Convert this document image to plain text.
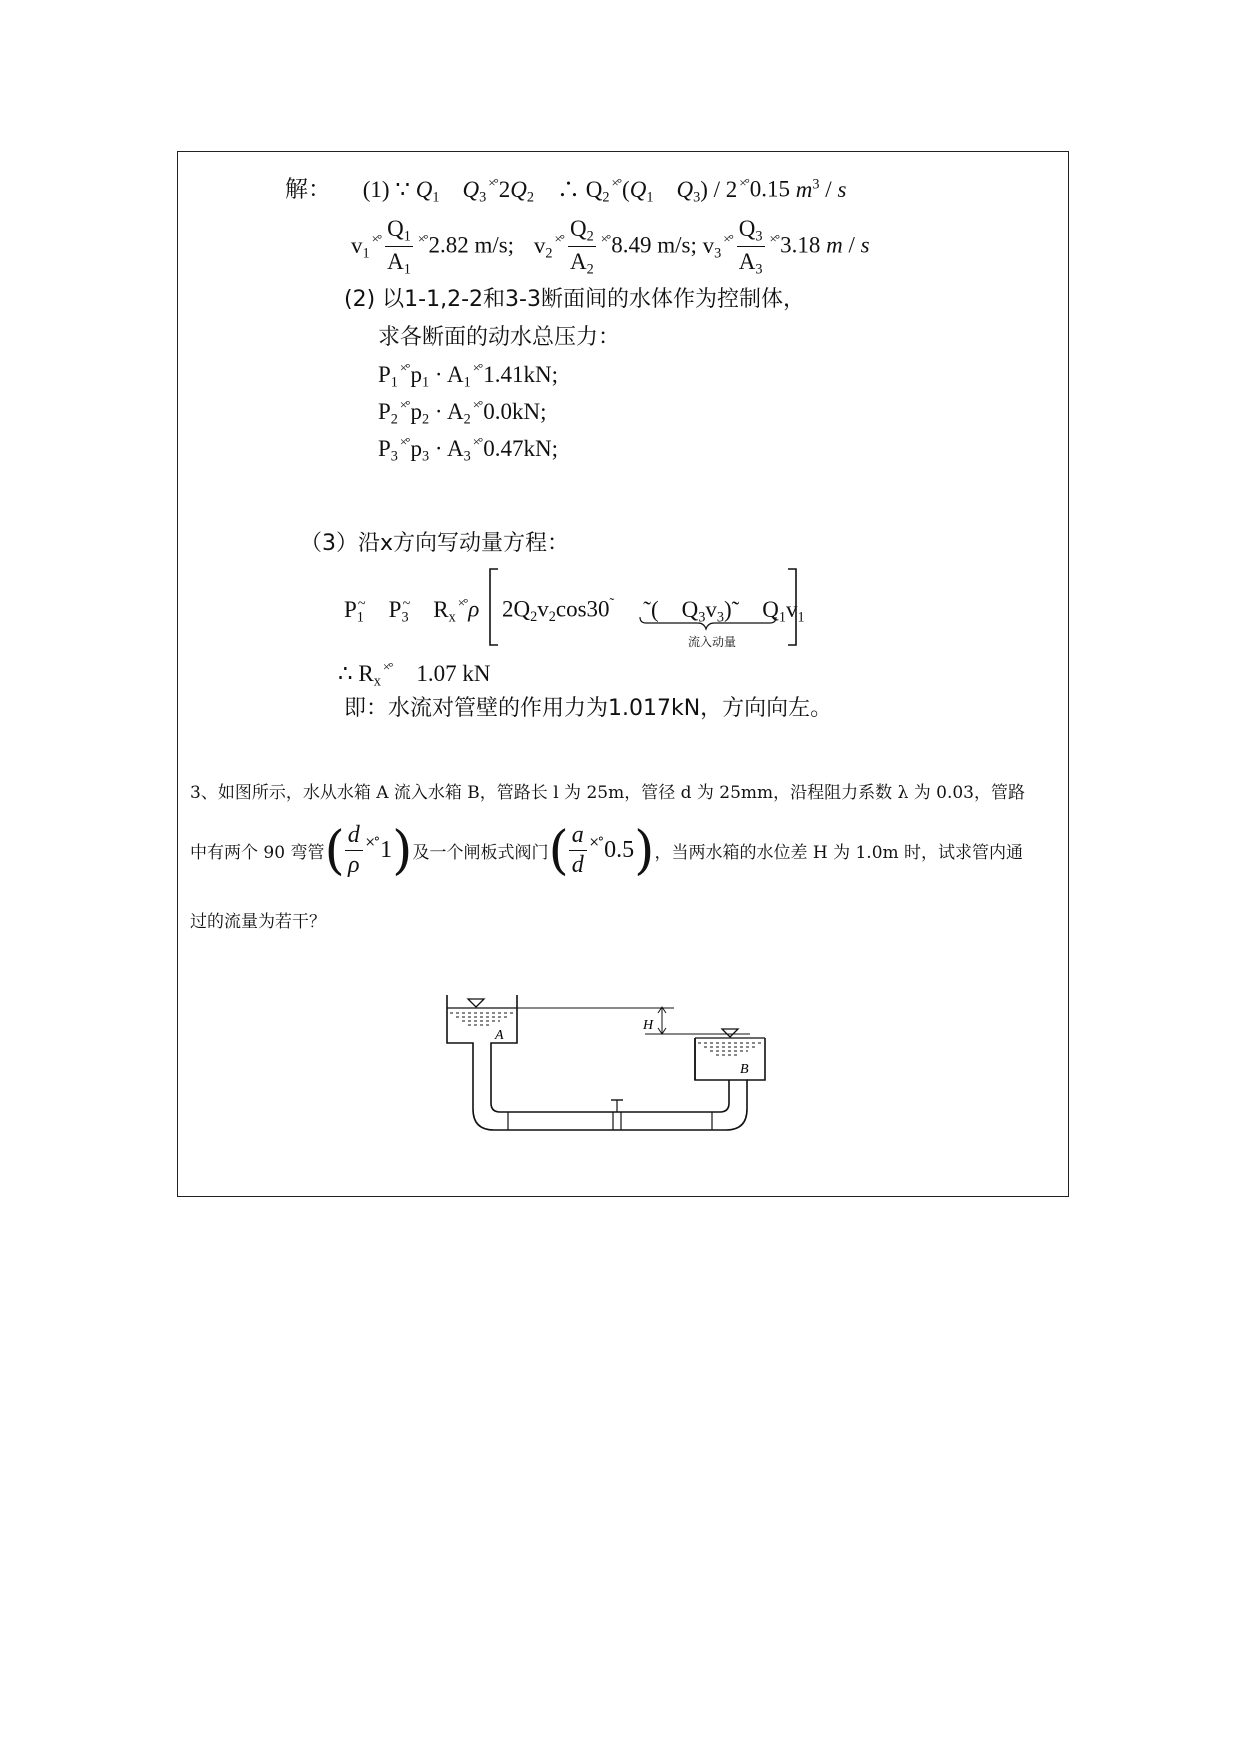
解： (1) ∵ $Q_1$　 $Q_3^{\times^\circ}2Q_2$　∴ $Q_2^{\times^\circ}(Q_1$　 $Q_3) / 2$ ×°0.15 $m^3$ / s
$v_1^{\times^\circ} \frac{Q_1}{A_1} ^{\times^\circ}2.82$ m/s; $v_2^{\times^\circ} \frac{Q_2}{A_2} ^{\times^\circ}8.49$ m/s; $v_3^{\times^\circ} \frac{Q_3}{A_3} ^{\times^\circ}3.18$ m / s
(2) 以1-1,2-2和3-3断面间的水体作为控制体，
求各断面的动水总压力：
$P_1^{\times^\circ}p_1 \cdot A_1^{\times^\circ}1.41kN$;
$P_2^{\times^\circ}p_2 \cdot A_2^{\times^\circ}0.0kN$;
$P_3^{\times^\circ}p_3 \cdot A_3^{\times^\circ}0.47kN$;
（3）沿x方向写动量方程：
$P_1^\sim$　$P_3^\sim$　$R_x^{\times^\circ}\rho$ $2Q_2v_2\cos 30^˜$　 ˜(　$Q_3v_3)˜$　$Q_1v_1$
流入动量
∴ $R_x^{\times^\circ}$　 1.07 kN
即：水流对管壁的作用力为1.017kN，方向向左。
3、如图所示，水从水箱 A 流入水箱 B，管路长 l 为 25m，管径 d 为 25mm，沿程阻力系数 λ 为 0.03，管路
中有两个 90 弯管 ( $\frac{d}{\rho}$ ×° 1 ) 及一个闸板式阀门 ( $\frac{a}{d}$ ×° 0.5 ) ，当两水箱的水位差 H 为 1.0m 时，试求管内通
过的流量为若干？
A
H
B
